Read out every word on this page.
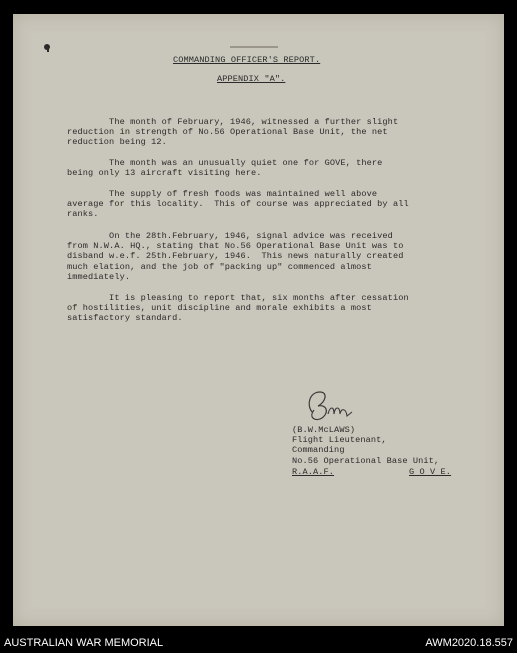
COMMANDING OFFICER'S REPORT.

APPENDIX "A".

The month of February, 1946, witnessed a further slight
reduction in strength of No.56 Operational Base Unit, the net
reduction being 12.

The month was an unusually quiet one for GOVE, there
being only 13 aircraft visiting here.

The supply of fresh foods was maintained well above
average for this locality.  This of course was appreciated by all
ranks.

On the 28th.February, 1946, signal advice was received
from N.W.A. HQ., stating that No.56 Operational Base Unit was to
disband w.e.f. 25th.February, 1946.  This news naturally created
much elation, and the job of "packing up" commenced almost
immediately.

It is pleasing to report that, six months after cessation
of hostilities, unit discipline and morale exhibits a most
satisfactory standard.

(B.W.McLAWS)

Flight Lieutenant,

Commanding

No.56 Operational Base Unit,

R.A.A.F.	G O V E.

AUSTRALIAN WAR MEMORIAL	AWM2020.18.557
